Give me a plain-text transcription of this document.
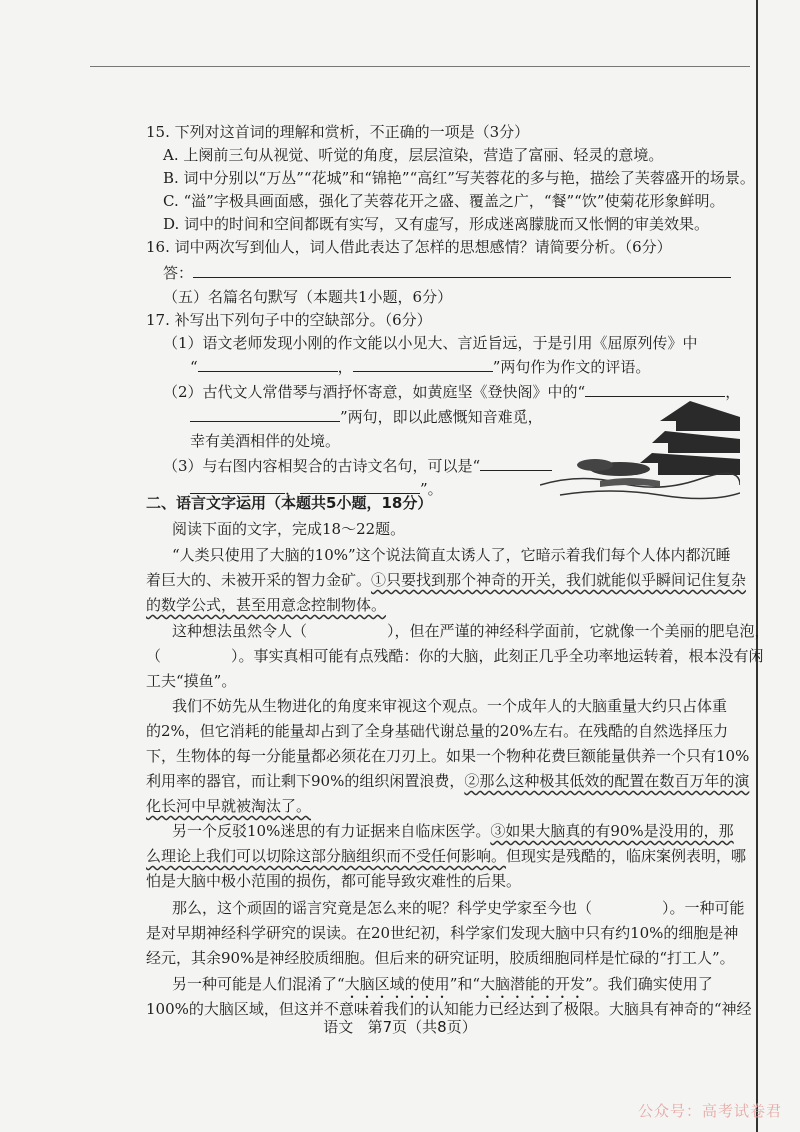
15. 下列对这首词的理解和赏析，不正确的一项是（3分）
A. 上阕前三句从视觉、听觉的角度，层层渲染，营造了富丽、轻灵的意境。
B. 词中分别以“万丛”“花城”和“锦艳”“高红”写芙蓉花的多与艳，描绘了芙蓉盛开的场景。
C. “溢”字极具画面感，强化了芙蓉花开之盛、覆盖之广，“餐”“饮”使菊花形象鲜明。
D. 词中的时间和空间都既有实写，又有虚写，形成迷离朦胧而又怅惘的审美效果。
16. 词中两次写到仙人，词人借此表达了怎样的思想感情？请简要分析。（6分）
答：
（五）名篇名句默写（本题共1小题，6分）
17. 补写出下列句子中的空缺部分。（6分）
（1）语文老师发现小刚的作文能以小见大、言近旨远，于是引用《屈原列传》中
“	，	”两句作为作文的评语。
（2）古代文人常借琴与酒抒怀寄意，如黄庭坚《登快阁》中的“	，
”两句，即以此感慨知音难觅，
幸有美酒相伴的处境。
（3）与右图内容相契合的古诗文名句，可以是“
，	”。
二、语言文字运用（本题共5小题，18分）
阅读下面的文字，完成18～22题。
“人类只使用了大脑的10%”这个说法简直太诱人了，它暗示着我们每个人体内都沉睡
着巨大的、未被开采的智力金矿。①只要找到那个神奇的开关，我们就能似乎瞬间记住复杂
的数学公式，甚至用意念控制物体。
这种想法虽然令人（	），但在严谨的神经科学面前，它就像一个美丽的肥皂泡，
（	）。事实真相可能有点残酷：你的大脑，此刻正几乎全功率地运转着，根本没有闲
工夫“摸鱼”。
我们不妨先从生物进化的角度来审视这个观点。一个成年人的大脑重量大约只占体重
的2%，但它消耗的能量却占到了全身基础代谢总量的20%左右。在残酷的自然选择压力
下，生物体的每一分能量都必须花在刀刃上。如果一个物种花费巨额能量供养一个只有10%
利用率的器官，而让剩下90%的组织闲置浪费，②那么这种极其低效的配置在数百万年的演
化长河中早就被淘汰了。
另一个反驳10%迷思的有力证据来自临床医学。③如果大脑真的有90%是没用的，那
么理论上我们可以切除这部分脑组织而不受任何影响。但现实是残酷的，临床案例表明，哪
怕是大脑中极小范围的损伤，都可能导致灾难性的后果。
那么，这个顽固的谣言究竟是怎么来的呢？科学史学家至今也（	）。一种可能
是对早期神经科学研究的误读。在20世纪初，科学家们发现大脑中只有约10%的细胞是神
经元，其余90%是神经胶质细胞。但后来的研究证明，胶质细胞同样是忙碌的“打工人”。
另一种可能是人们混淆了“大脑区域的使用”和“大脑潜能的开发”。我们确实使用了
100%的大脑区域，但这并不意味着我们的认知能力已经达到了极限。大脑具有神奇的“神经
语文 第7页（共8页）
公众号：高考试卷君
